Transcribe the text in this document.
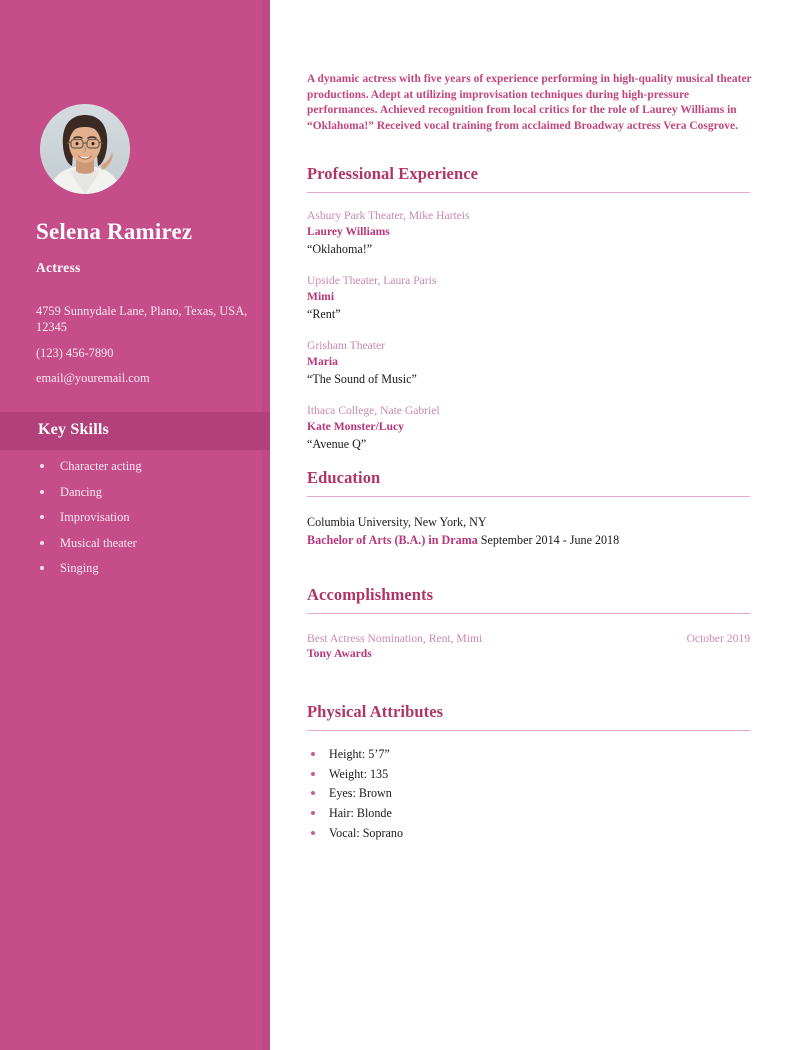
Selena Ramirez
Actress
4759 Sunnydale Lane, Plano, Texas, USA, 12345
(123) 456-7890
email@youremail.com
Key Skills
Character acting
Dancing
Improvisation
Musical theater
Singing
A dynamic actress with five years of experience performing in high-quality musical theater productions. Adept at utilizing improvisation techniques during high-pressure performances. Achieved recognition from local critics for the role of Laurey Williams in “Oklahoma!” Received vocal training from acclaimed Broadway actress Vera Cosgrove.
Professional Experience
Asbury Park Theater, Mike Harteis
Laurey Williams
“Oklahoma!”
Upside Theater, Laura Paris
Mimi
“Rent”
Grisham Theater
Maria
“The Sound of Music”
Ithaca College, Nate Gabriel
Kate Monster/Lucy
“Avenue Q”
Education
Columbia University, New York, NY
Bachelor of Arts (B.A.) in Drama September 2014 - June 2018
Accomplishments
Best Actress Nomination, Rent, Mimi	October 2019
Tony Awards
Physical Attributes
Height: 5’7”
Weight: 135
Eyes: Brown
Hair: Blonde
Vocal: Soprano
